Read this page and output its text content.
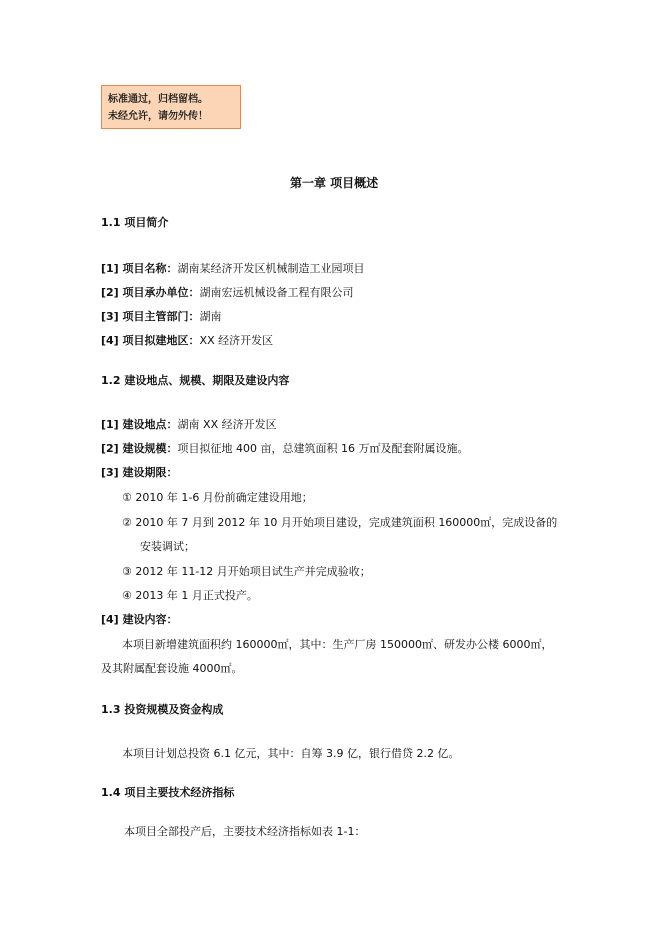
标准通过，归档留档。
未经允许，请勿外传！
第一章 项目概述
1.1 项目简介
[1] 项目名称：湖南某经济开发区机械制造工业园项目
[2] 项目承办单位：湖南宏远机械设备工程有限公司
[3] 项目主管部门：湖南
[4] 项目拟建地区：XX 经济开发区
1.2 建设地点、规模、期限及建设内容
[1] 建设地点：湖南 XX 经济开发区
[2] 建设规模：项目拟征地 400 亩，总建筑面积 16 万㎡及配套附属设施。
[3] 建设期限：
① 2010 年 1-6 月份前确定建设用地；
② 2010 年 7 月到 2012 年 10 月开始项目建设，完成建筑面积 160000㎡，完成设备的
安装调试；
③ 2012 年 11-12 月开始项目试生产并完成验收；
④ 2013 年 1 月正式投产。
[4] 建设内容：
本项目新增建筑面积约 160000㎡，其中：生产厂房 150000㎡、研发办公楼 6000㎡，
及其附属配套设施 4000㎡。
1.3 投资规模及资金构成
本项目计划总投资 6.1 亿元，其中：自筹 3.9 亿，银行借贷 2.2 亿。
1.4 项目主要技术经济指标
本项目全部投产后，主要技术经济指标如表 1-1：
